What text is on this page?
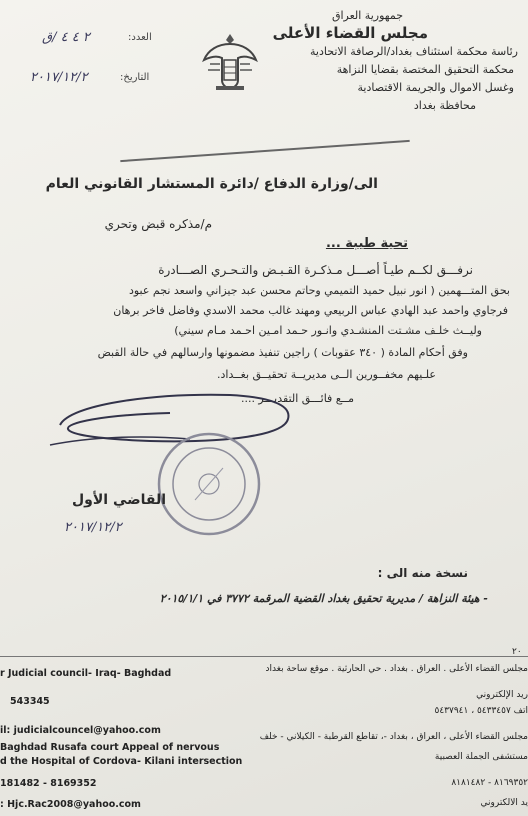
جمهورية العراق
مجلس القضاء الأعلى
رئاسة محكمة استئناف بغداد/الرصافة الاتحادية
محكمة التحقيق المختصة بقضايا النزاهة
وغسل الاموال والجريمة الاقتصادية
محافظة بغداد
٢ ٤ ٤ /ق	العدد:
٢٠١٧/١٢/٢	التاريخ:
الى/وزارة الدفاع /دائرة المستشار القانوني العام
م/مذكره قبض وتحري
تحية طيبة ...
نرفـــق لكــم طيـاً أصـــل مـذكـرة القـبـض والتـحـري الصـــادرة
بحق المتـــهمين ( انور نبيل حميد التميمي وحاتم محسن عبد جيزاني واسعد نجم عبود
فرجاوي واحمد عبد الهادي عباس الربيعي ومهند غالب محمد الاسدي وفاضل فاخر برهان
وليــث خلـف مشـتت المنشـدي وانـور حـمد امـين احـمد مـام سيني)
وفق أحكام المادة ( ٣٤٠ عقوبات ) راجين تنفيذ مضمونها وارسالهم في حالة القبض
علـيهم مخفــورين الــى مديريــة تحقيــق بغــداد.
مــع فائـــق التقديـــر ....
القاضي الأول
٢٠١٧/١٢/٢
نسخة منه الى :
- هيئة النزاهة / مديرية تحقيق بغداد القضية المرقمة ٣٧٧٢ في ٢٠١٥/١/١
٢٠
r Judicial council- Iraq- Baghdad
543345
il: judicialcouncel@yahoo.com
Baghdad Rusafa court Appeal of nervous
d the Hospital of Cordova- Kilani intersection
181482 - 8169352
: Hjc.Rac2008@yahoo.com
مجلس القضاء الأعلى . العراق . بغداد . حي الحارثية . موقع ساحة بغداد
ريد الإلكتروني
اتف ٥٤٣٣٤٥٧ ، ٥٤٣٧٩٤١
مجلس القضاء الأعلى ، العراق ، بغداد -، تقاطع القرطبة - الكيلاني - خلف
مستشفى الجملة العصبية
٨١٦٩٣٥٢ - ٨١٨١٤٨٢
يد الالكتروني
